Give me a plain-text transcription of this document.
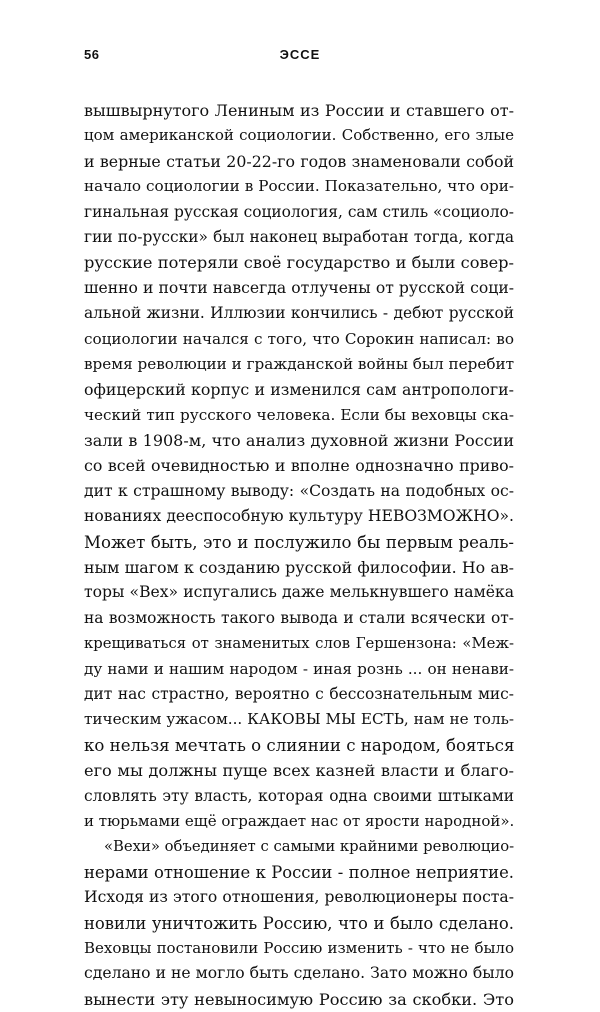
56	ЭССЕ
вышвырнутого Лениным из России и ставшего от-
цом американской социологии. Собственно, его злые
и верные статьи 20-22-го годов знаменовали собой
начало социологии в России. Показательно, что ори-
гинальная русская социология, сам стиль «социоло-
гии по-русски» был наконец выработан тогда, когда
русские потеряли своё государство и были совер-
шенно и почти навсегда отлучены от русской соци-
альной жизни. Иллюзии кончились - дебют русской
социологии начался с того, что Сорокин написал: во
время революции и гражданской войны был перебит
офицерский корпус и изменился сам антропологи-
ческий тип русского человека. Если бы веховцы ска-
зали в 1908-м, что анализ духовной жизни России
со всей очевидностью и вполне однозначно приво-
дит к страшному выводу: «Создать на подобных ос-
нованиях дееспособную культуру НЕВОЗМОЖНО».
Может быть, это и послужило бы первым реаль-
ным шагом к созданию русской философии. Но ав-
торы «Вех» испугались даже мелькнувшего намёка
на возможность такого вывода и стали всячески от-
крещиваться от знаменитых слов Гершензона: «Меж-
ду нами и нашим народом - иная рознь ... он ненави-
дит нас страстно, вероятно с бессознательным мис-
тическим ужасом... КАКОВЫ МЫ ЕСТЬ, нам не толь-
ко нельзя мечтать о слиянии с народом, бояться
его мы должны пуще всех казней власти и благо-
словлять эту власть, которая одна своими штыками
и тюрьмами ещё ограждает нас от ярости народной».
«Вехи» объединяет с самыми крайними революцио-
нерами отношение к России - полное неприятие.
Исходя из этого отношения, революционеры поста-
новили уничтожить Россию, что и было сделано.
Веховцы постановили Россию изменить - что не было
сделано и не могло быть сделано. Зато можно было
вынести эту невыносимую Россию за скобки. Это
